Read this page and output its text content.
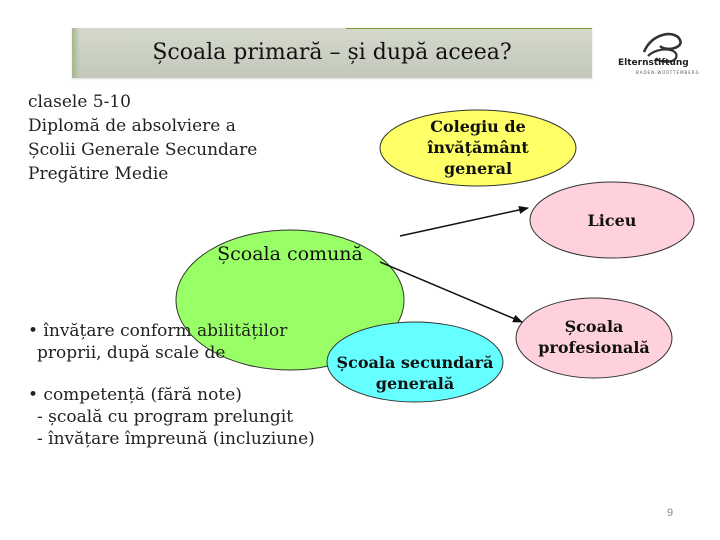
Școala primară – și după aceea?	Elternstiftung
BADEN-WÜRTTEMBERG
clasele 5-10
Diplomă de absolviere a
Școlii Generale Secundare
Pregătire Medie
Colegiu de
învățământ
general
Liceu
Școala comună
Școala secundară
generală
Școala
profesională
• învățare conform abilităților
proprii, după scale de
• competență (fără note)
- școală cu program prelungit
- învățare împreună (incluziune)
9
